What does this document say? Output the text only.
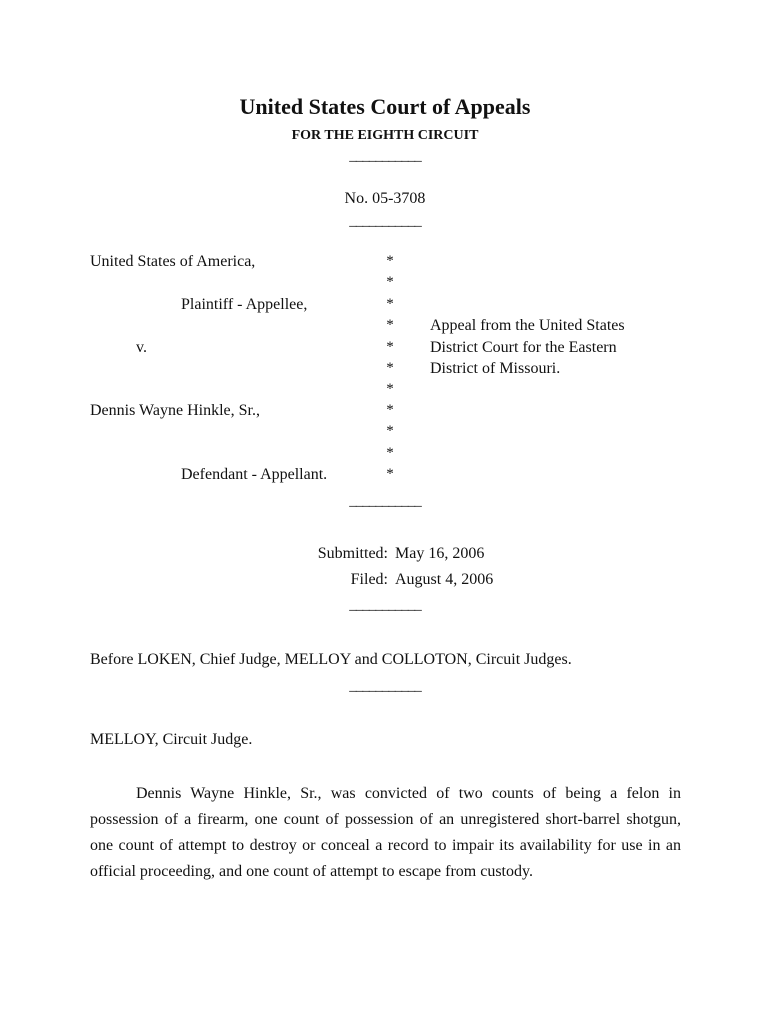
United States Court of Appeals
FOR THE EIGHTH CIRCUIT
___________
No. 05-3708
___________
United States of America,
Plaintiff - Appellee,
v.
Dennis Wayne Hinkle, Sr.,
Defendant - Appellant.
*
*
*
*
*
*
*
*
*
*
*
Appeal from the United States
District Court for the Eastern
District of Missouri.
___________
Submitted: May 16, 2006
Filed: August 4, 2006
___________
Before LOKEN, Chief Judge, MELLOY and COLLOTON, Circuit Judges.
___________
MELLOY, Circuit Judge.

Dennis Wayne Hinkle, Sr., was convicted of two counts of being a felon in possession of a firearm, one count of possession of an unregistered short-barrel shotgun, one count of attempt to destroy or conceal a record to impair its availability for use in an official proceeding, and one count of attempt to escape from custody.
